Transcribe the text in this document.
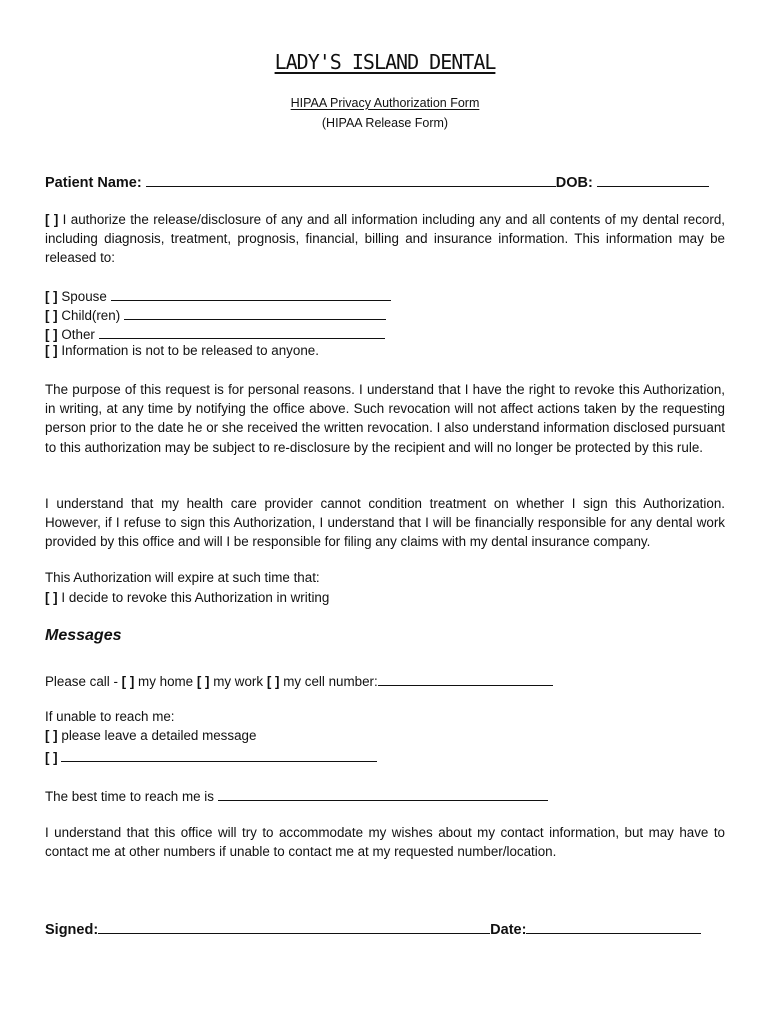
LADY'S ISLAND DENTAL
HIPAA Privacy Authorization Form
(HIPAA Release Form)
Patient Name:	DOB:

[ ] I authorize the release/disclosure of any and all information including any and all contents of my dental record, including diagnosis, treatment, prognosis, financial, billing and insurance information. This information may be released to:

[ ] Spouse
[ ] Child(ren)
[ ] Other
[ ] Information is not to be released to anyone.

The purpose of this request is for personal reasons. I understand that I have the right to revoke this Authorization, in writing, at any time by notifying the office above. Such revocation will not affect actions taken by the requesting person prior to the date he or she received the written revocation. I also understand information disclosed pursuant to this authorization may be subject to re-disclosure by the recipient and will no longer be protected by this rule.

I understand that my health care provider cannot condition treatment on whether I sign this Authorization. However, if I refuse to sign this Authorization, I understand that I will be financially responsible for any dental work provided by this office and will I be responsible for filing any claims with my dental insurance company.

This Authorization will expire at such time that:
[ ] I decide to revoke this Authorization in writing
Messages
Please call - [ ] my home [ ] my work [ ] my cell number:
If unable to reach me:
[ ] please leave a detailed message
[ ]
The best time to reach me is

I understand that this office will try to accommodate my wishes about my contact information, but may have to contact me at other numbers if unable to contact me at my requested number/location.

Signed:	Date:
